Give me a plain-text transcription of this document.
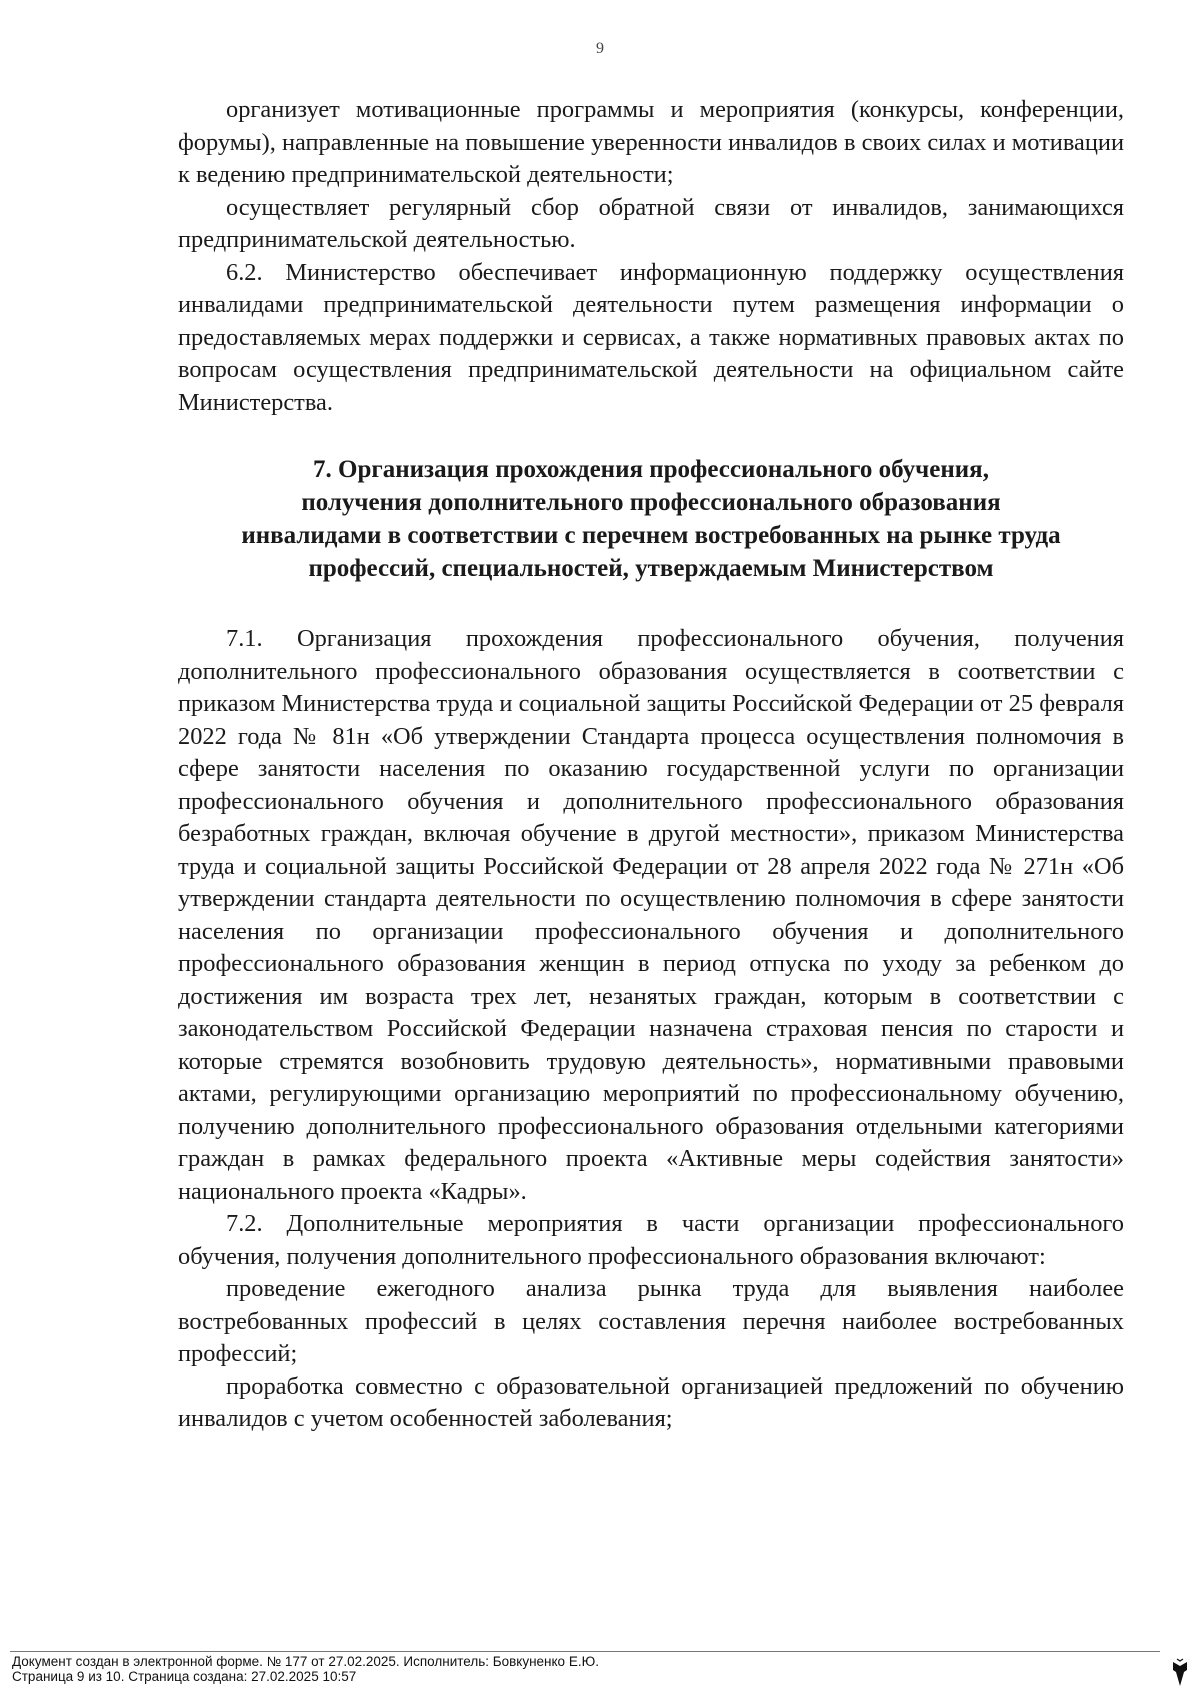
9

организует мотивационные программы и мероприятия (конкурсы, конференции, форумы), направленные на повышение уверенности инвалидов в своих силах и мотивации к ведению предпринимательской деятельности;

осуществляет регулярный сбор обратной связи от инвалидов, занимающихся предпринимательской деятельностью.

6.2. Министерство обеспечивает информационную поддержку осуществления инвалидами предпринимательской деятельности путем размещения информации о предоставляемых мерах поддержки и сервисах, а также нормативных правовых актах по вопросам осуществления предпринимательской деятельности на официальном сайте Министерства.

7. Организация прохождения профессионального обучения,
получения дополнительного профессионального образования
инвалидами в соответствии с перечнем востребованных на рынке труда
профессий, специальностей, утверждаемым Министерством

7.1. Организация прохождения профессионального обучения, получения дополнительного профессионального образования осуществляется в соответствии с приказом Министерства труда и социальной защиты Российской Федерации от 25 февраля 2022 года № 81н «Об утверждении Стандарта процесса осуществления полномочия в сфере занятости населения по оказанию государственной услуги по организации профессионального обучения и дополнительного профессионального образования безработных граждан, включая обучение в другой местности», приказом Министерства труда и социальной защиты Российской Федерации от 28 апреля 2022 года № 271н «Об утверждении стандарта деятельности по осуществлению полномочия в сфере занятости населения по организации профессионального обучения и дополнительного профессионального образования женщин в период отпуска по уходу за ребенком до достижения им возраста трех лет, незанятых граждан, которым в соответствии с законодательством Российской Федерации назначена страховая пенсия по старости и которые стремятся возобновить трудовую деятельность», нормативными правовыми актами, регулирующими организацию мероприятий по профессиональному обучению, получению дополнительного профессионального образования отдельными категориями граждан в рамках федерального проекта «Активные меры содействия занятости» национального проекта «Кадры».

7.2. Дополнительные мероприятия в части организации профессионального обучения, получения дополнительного профессионального образования включают:

проведение ежегодного анализа рынка труда для выявления наиболее востребованных профессий в целях составления перечня наиболее востребованных профессий;

проработка совместно с образовательной организацией предложений по обучению инвалидов с учетом особенностей заболевания;

Документ создан в электронной форме. № 177 от 27.02.2025. Исполнитель: Бовкуненко Е.Ю.
Страница 9 из 10. Страница создана: 27.02.2025 10:57
